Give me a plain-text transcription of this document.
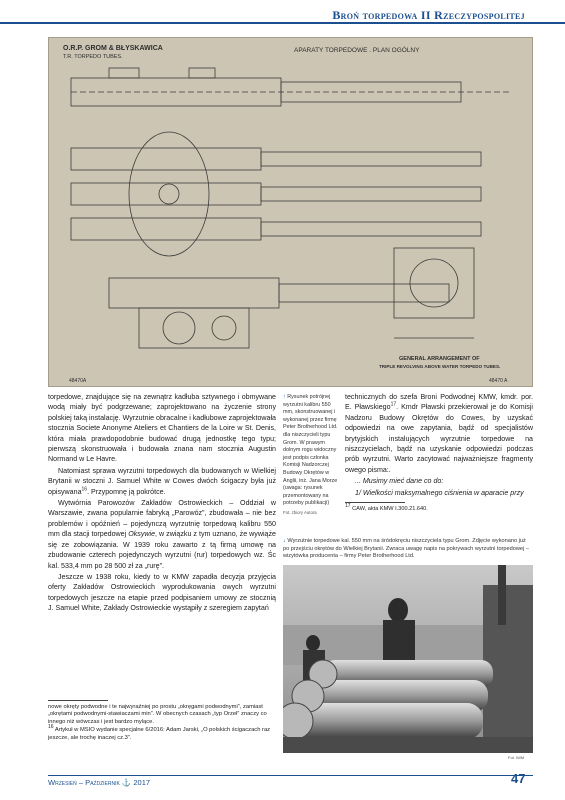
Broń torpedowa II Rzeczypospolitej
O.R.P. GROM & BŁYSKAWICA
T.R. TORPEDO TUBES.
APARATY TORPEDOWE . PLAN OGÓLNY
GENERAL ARRANGEMENT OF
TRIPLE REVOLVING ABOVE WATER TORPEDO TUBES.
48470A	48470 A

torpedowe, znajdujące się na zewnątrz kadłuba sztywnego i obmywane wodą miały być podgrzewane; zaprojektowano na życzenie strony polskiej taką instalację. Wyrzutnie obracalne i kadłubowe zaprojektowała stocznia Societe Anonyme Ateliers et Chantiers de la Loire w St. Denis, która miała prawdopodobnie budować drugą jednostkę tego typu; pierwszą skonstruowała i budowała znana nam stocznia Augustin Normand w Le Havre.

Natomiast sprawa wyrzutni torpedowych dla budowanych w Wielkiej Brytanii w stoczni J. Samuel White w Cowes dwóch ścigaczy była już opisywana$^{16}$. Przypomnę ją pokrótce.

Wytwórnia Parowozów Zakładów Ostrowieckich – Oddział w Warszawie, zwana popularnie fabryką „Parowóz”, zbudowała – nie bez problemów i opóźnień – pojedynczą wyrzutnię torpedową kalibru 550 mm dla stacji torpedowej Oksywie, w związku z tym uznano, że wywiąże się ze zobowiązania. W 1939 roku zawarto z tą firmą umowę na zbudowanie czterech pojedynczych wyrzutni (rur) torpedowych wz. Śc kal. 533,4 mm po 28 500 zł za „rurę”.

Jeszcze w 1938 roku, kiedy to w KMW zapadła decyzja przyjęcia oferty Zakładów Ostrowieckich wyprodukowania owych wyrzutni torpedowych jeszcze na etapie przed podpisaniem umowy ze stocznią J. Samuel White, Zakłady Ostrowieckie wystąpiły z szeregiem zapytań

nowe okręty podwodne i te najwyraźniej po prostu „okręgami podwodnymi”, zamiast „okrętami podwodnymi-stawiaczami min”. W obecnych czasach „typ Orzeł” znaczy co innego niż wówczas i jest bardzo mylące.

16 Artykuł w MSIO wydanie specjalne 6/2016: Adam Jarski, „O polskich ścigaczach raz jeszcze, ale trochę inaczej cz.3”.

↑ Rysunek potrójnej wyrzutni kalibru 550 mm, skonstruowanej i wykonanej przez firmę Peter Brotherhood Ltd. dla niszczycieli typu Grom. W prawym dolnym rogu widoczny jest podpis członka Komisji Nadzorczej Budowy Okrętów w Anglii, inż. Jana Morze (uwaga: rysunek przemontowany na potrzeby publikacji)
Fot. zbiory Autora

technicznych do szefa Broni Podwodnej KMW, kmdr. por. E. Pławskiego$^{17}$. Kmdr Pławski przekierował je do Komisji Nadzoru Budowy Okrętów do Cowes, by uzyskać odpowiedzi na owe zapytania, bądź od specjalistów brytyjskich instalujących wyrzutnie torpedowe na niszczycielach, bądź na uzyskanie odpowiedzi podczas prób wyrzutni. Warto zacytować najważniejsze fragmenty owego pisma:.

... Musimy mieć dane co do:

1/ Wielkości maksymalnego ciśnienia w aparacie przy

17 CAW, akta KMW I.300.21.640.

↓ Wyrzutnie torpedowe kal. 550 mm na śródokręciu niszczyciela typu Grom. Zdjęcie wykonano już po przejściu okrętów do Wielkiej Brytanii. Zwraca uwagę napis na pokrywach wyrzutni torpedowej – wizytówka producenta – firmy Peter Brotherhood Ltd.
Fot. IWM
Wrzesień – Październik ⚓ 2017	47
